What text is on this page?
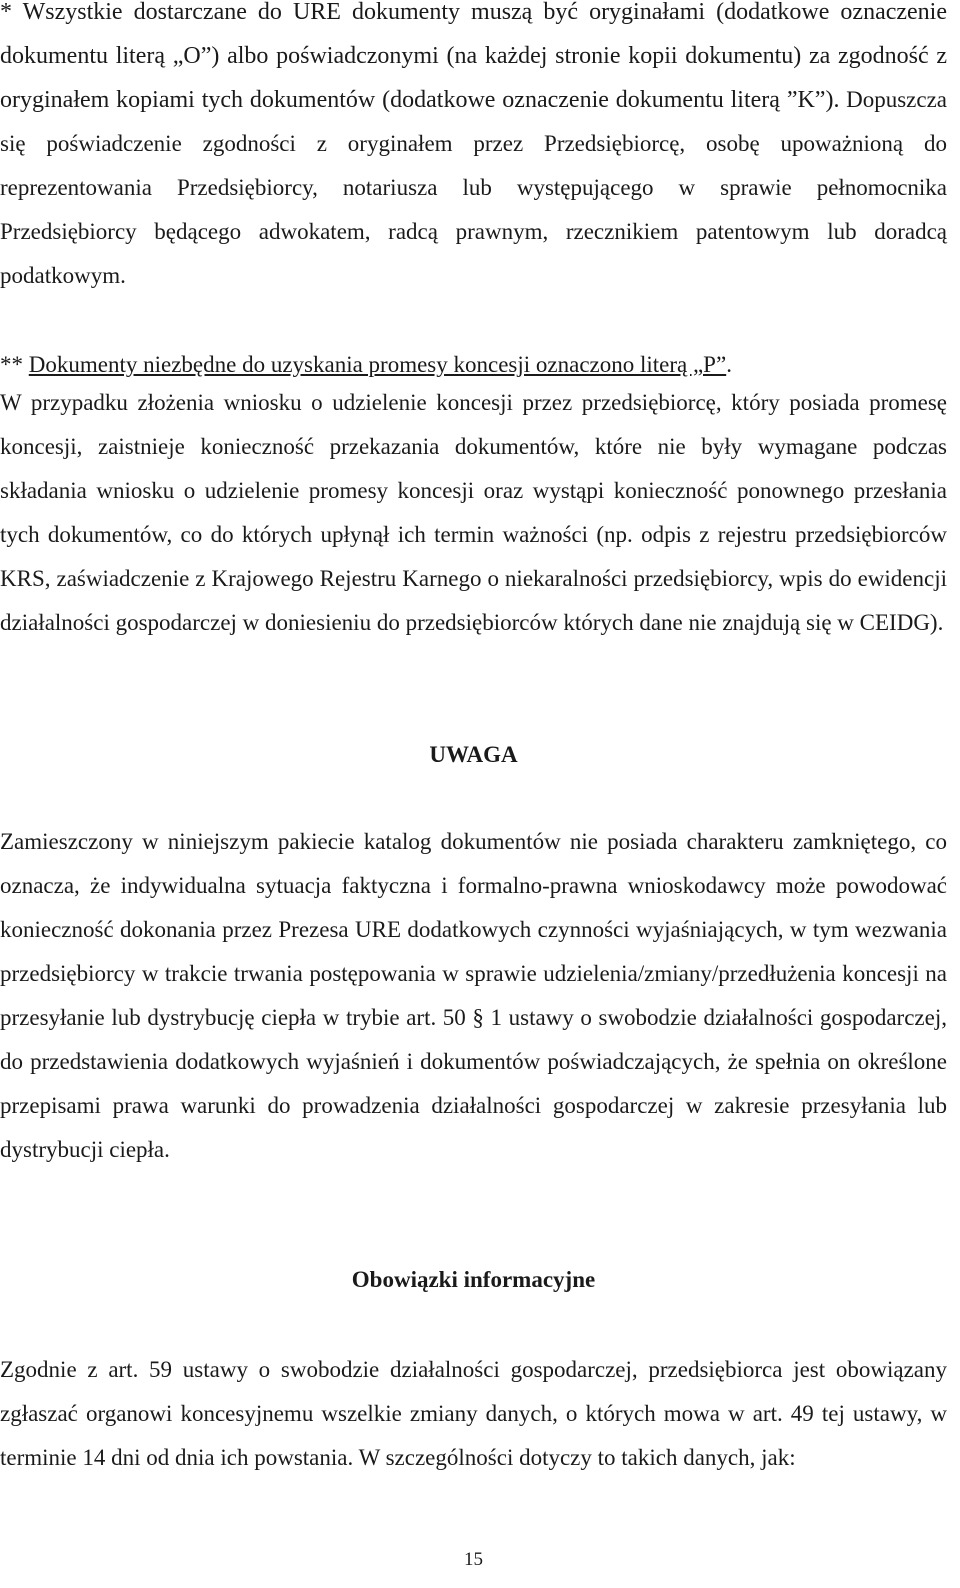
* Wszystkie dostarczane do URE dokumenty muszą być oryginałami (dodatkowe oznaczenie dokumentu literą „O”) albo poświadczonymi (na każdej stronie kopii dokumentu) za zgodność z oryginałem kopiami tych dokumentów (dodatkowe oznaczenie dokumentu literą ”K”). Dopuszcza się poświadczenie zgodności z oryginałem przez Przedsiębiorcę, osobę upoważnioną do reprezentowania Przedsiębiorcy, notariusza lub występującego w sprawie pełnomocnika Przedsiębiorcy będącego adwokatem, radcą prawnym, rzecznikiem patentowym lub doradcą podatkowym.

** Dokumenty niezbędne do uzyskania promesy koncesji oznaczono literą „P”.

W przypadku złożenia wniosku o udzielenie koncesji przez przedsiębiorcę, który posiada promesę koncesji, zaistnieje konieczność przekazania dokumentów, które nie były wymagane podczas składania wniosku o udzielenie promesy koncesji oraz wystąpi konieczność ponownego przesłania tych dokumentów, co do których upłynął ich termin ważności (np. odpis z rejestru przedsiębiorców KRS, zaświadczenie z Krajowego Rejestru Karnego o niekaralności przedsiębiorcy, wpis do ewidencji działalności gospodarczej w doniesieniu do przedsiębiorców których dane nie znajdują się w CEIDG).

UWAGA

Zamieszczony w niniejszym pakiecie katalog dokumentów nie posiada charakteru zamkniętego, co oznacza, że indywidualna sytuacja faktyczna i formalno-prawna wnioskodawcy może powodować konieczność dokonania przez Prezesa URE dodatkowych czynności wyjaśniających, w tym wezwania przedsiębiorcy w trakcie trwania postępowania w sprawie udzielenia/zmiany/przedłużenia koncesji na przesyłanie lub dystrybucję ciepła w trybie art. 50 § 1 ustawy o swobodzie działalności gospodarczej, do przedstawienia dodatkowych wyjaśnień i dokumentów poświadczających, że spełnia on określone przepisami prawa warunki do prowadzenia działalności gospodarczej w zakresie przesyłania lub dystrybucji ciepła.

Obowiązki informacyjne

Zgodnie z art. 59 ustawy o swobodzie działalności gospodarczej, przedsiębiorca jest obowiązany zgłaszać organowi koncesyjnemu wszelkie zmiany danych, o których mowa w art. 49 tej ustawy, w terminie 14 dni od dnia ich powstania. W szczególności dotyczy to takich danych, jak:

15
